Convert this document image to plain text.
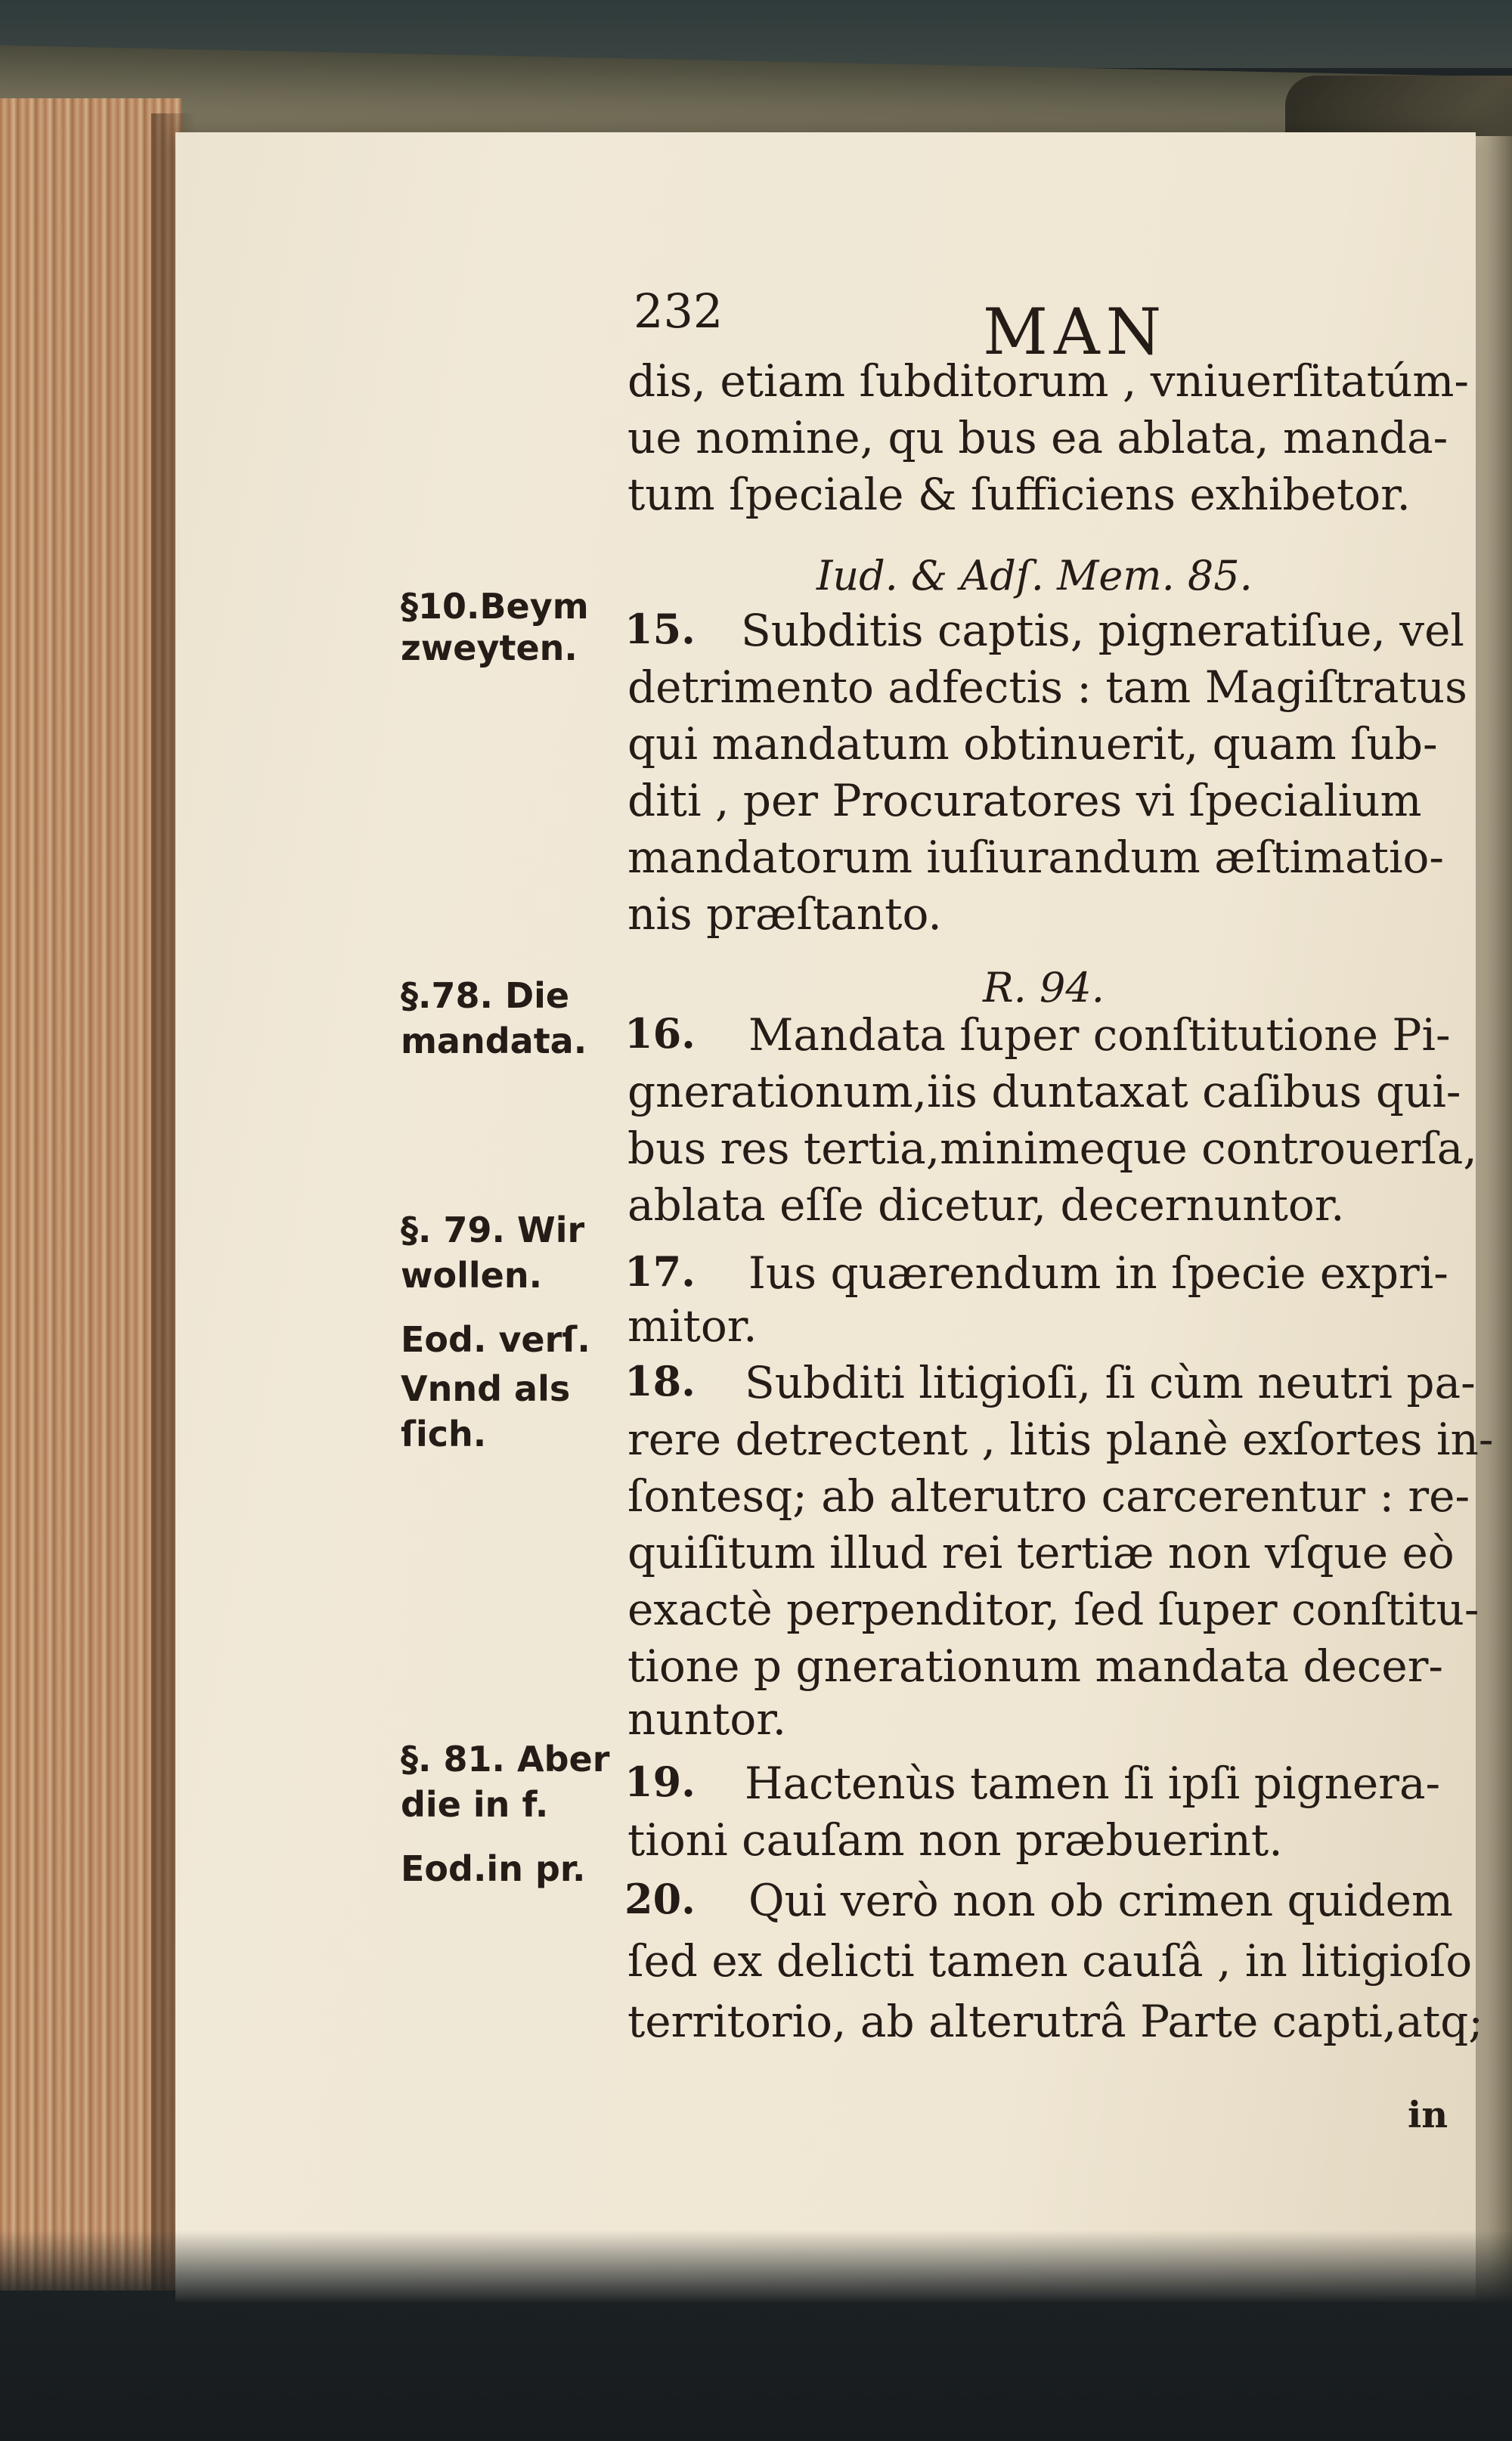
232	MAN
dis, etiam ſubditorum , vniuerſitatúm-
ue nomine, qu bus ea ablata, manda-
tum ſpeciale & ſufficiens exhibetor.
Iud. & Adſ. Mem. 85.
15. Subditis captis, pigneratiſue, vel
detrimento adfectis : tam Magiſtratus
qui mandatum obtinuerit, quam ſub-
diti , per Procuratores vi ſpecialium
mandatorum iuſiurandum æſtimatio-
nis præſtanto.
R. 94.
16. Mandata ſuper conſtitutione Pi-
gnerationum,iis duntaxat caſibus qui-
bus res tertia,minimeque controuerſa,
ablata eſſe dicetur, decernuntor.
17. Ius quærendum in ſpecie expri-
mitor.
18. Subditi litigioſi, ſi cùm neutri pa-
rere detrectent , litis planè exſortes in-
ſontesq; ab alterutro carcerentur : re-
quiſitum illud rei tertiæ non vſque eò
exactè perpenditor, ſed ſuper conſtitu-
tione p gnerationum mandata decer-
nuntor.
19. Hactenùs tamen ſi ipſi pignera-
tioni cauſam non præbuerint.
20. Qui verò non ob crimen quidem
ſed ex delicti tamen cauſâ , in litigioſo
territorio, ab alterutrâ Parte capti,atq;
in
§10.Beym
zweyten.
§.78. Die
mandata.
§. 79. Wir
wollen.
Eod. verſ.
Vnnd als
ſich.
§. 81. Aber
die in f.
Eod.in pr.
